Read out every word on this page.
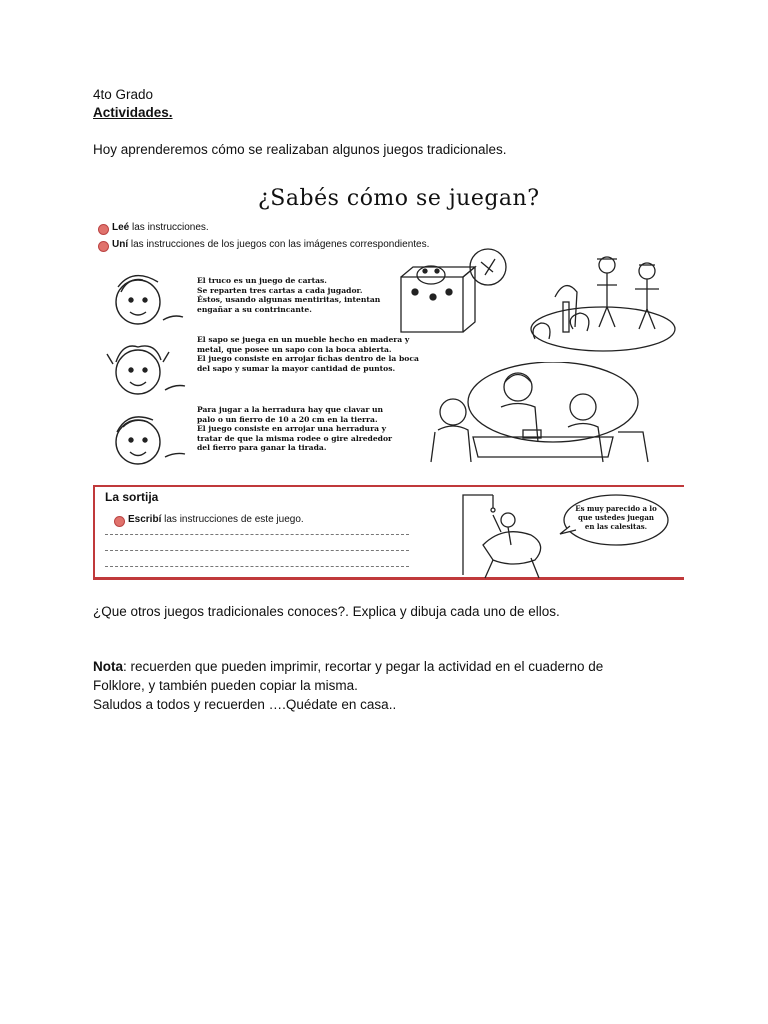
4to Grado
Actividades.
Hoy aprenderemos cómo se realizaban algunos juegos tradicionales.
¿Sabés cómo se juegan?
Leé las instrucciones.
Uní las instrucciones de los juegos con las imágenes correspondientes.
El truco es un juego de cartas.
Se reparten tres cartas a cada jugador.
Éstos, usando algunas mentiritas, intentan
engañar a su contrincante.
El sapo se juega en un mueble hecho en madera y
metal, que posee un sapo con la boca abierta.
El juego consiste en arrojar fichas dentro de la boca
del sapo y sumar la mayor cantidad de puntos.
Para jugar a la herradura hay que clavar un
palo o un fierro de 10 a 20 cm en la tierra.
El juego consiste en arrojar una herradura y
tratar de que la misma rodee o gire alrededor
del fierro para ganar la tirada.
La sortija
Escribí las instrucciones de este juego.
Es muy parecido a lo
que ustedes juegan
en las calesitas.
¿Que otros juegos tradicionales conoces?. Explica y dibuja cada uno de ellos.
Nota: recuerden que pueden imprimir, recortar y pegar la actividad en el cuaderno de
Folklore, y también pueden copiar la misma.
Saludos a todos y recuerden ….Quédate en casa..
